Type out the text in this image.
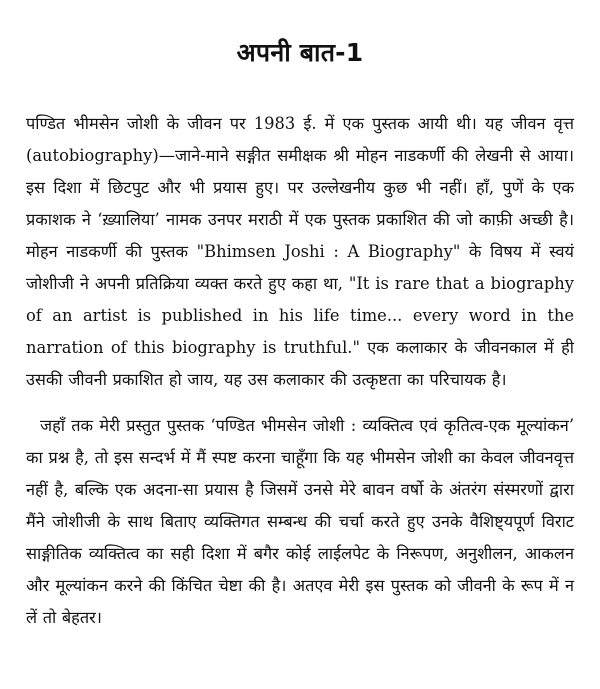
अपनी बात-1

पण्डित भीमसेन जोशी के जीवन पर 1983 ई. में एक पुस्तक आयी थी। यह जीवन वृत्त (autobiography)—जाने-माने सङ्गीत समीक्षक श्री मोहन नाडकर्णी की लेखनी से आया। इस दिशा में छिटपुट और भी प्रयास हुए। पर उल्लेखनीय कुछ भी नहीं। हाँ, पुणें के एक प्रकाशक ने ‘ख़्यालिया’ नामक उनपर मराठी में एक पुस्तक प्रकाशित की जो काफ़ी अच्छी है। मोहन नाडकर्णी की पुस्तक "Bhimsen Joshi : A Biography" के विषय में स्वयं जोशीजी ने अपनी प्रतिक्रिया व्यक्त करते हुए कहा था, "It is rare that a biography of an artist is published in his life time... every word in the narration of this biography is truthful." एक कलाकार के जीवनकाल में ही उसकी जीवनी प्रकाशित हो जाय, यह उस कलाकार की उत्कृष्टता का परिचायक है।

जहाँ तक मेरी प्रस्तुत पुस्तक ‘पण्डित भीमसेन जोशी : व्यक्तित्व एवं कृतित्व-एक मूल्यांकन’ का प्रश्न है, तो इस सन्दर्भ में मैं स्पष्ट करना चाहूँगा कि यह भीमसेन जोशी का केवल जीवनवृत्त नहीं है, बल्कि एक अदना-सा प्रयास है जिसमें उनसे मेरे बावन वर्षो के अंतरंग संस्मरणों द्वारा मैंने जोशीजी के साथ बिताए व्यक्तिगत सम्बन्ध की चर्चा करते हुए उनके वैशिष्ट्यपूर्ण विराट साङ्गीतिक व्यक्तित्व का सही दिशा में बगैर कोई लाईलपेट के निरूपण, अनुशीलन, आकलन और मूल्यांकन करने की किंचित चेष्टा की है। अतएव मेरी इस पुस्तक को जीवनी के रूप में न लें तो बेहतर।
